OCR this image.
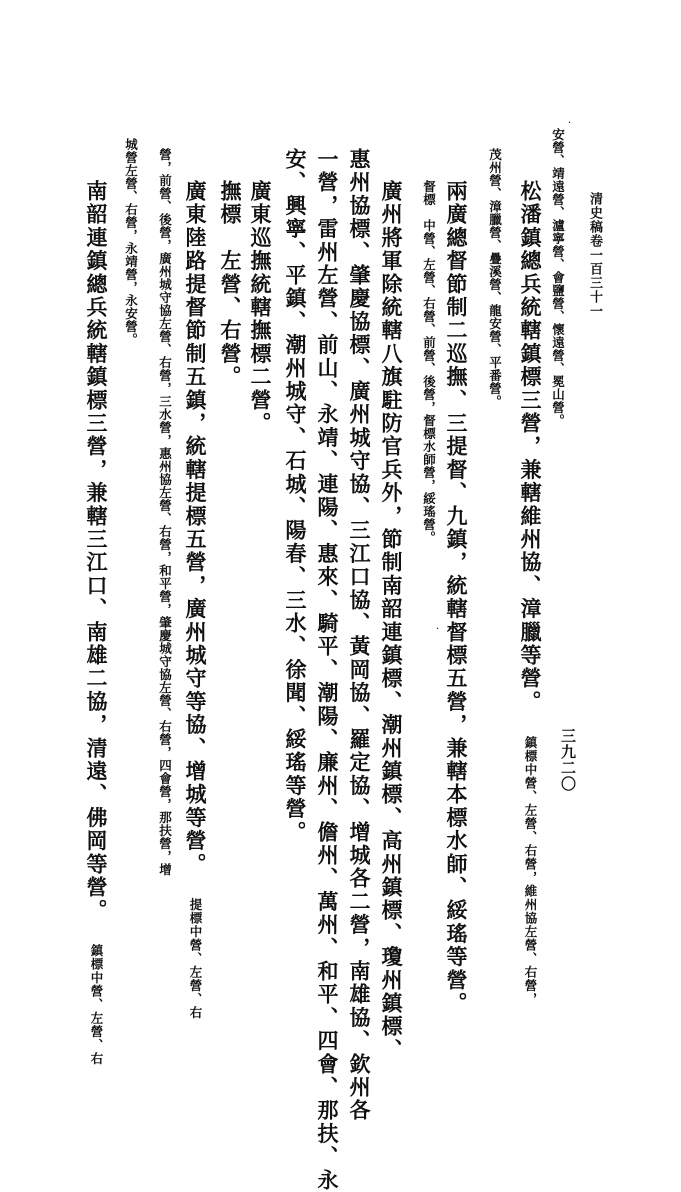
三九二〇
清史稿卷一百三十一
安營、靖遠營、瀘寧營、會鹽營、懷遠營、冕山營。
松潘鎮總兵統轄鎮標三營，兼轄維州協、漳臘等營。鎮標中營、左營、右營，維州協左營、右營，
茂州營、漳臘營、疊溪營、龍安營、平番營。
兩廣總督節制二巡撫、三提督、九鎮，統轄督標五營，兼轄本標水師、綏瑤等營。
督標　中營、左營、右營、前營、後營，督標水師營，綏瑤營。
廣州將軍除統轄八旗駐防官兵外，節制南韶連鎮標、潮州鎮標、高州鎮標、瓊州鎮標、
惠州協標、肇慶協標、廣州城守協、三江口協、黃岡協、羅定協、增城各二營，南雄協、欽州各
一營，雷州左營、前山、永靖、連陽、惠來、騎平、潮陽、廉州、儋州、萬州、和平、四會、那扶、永
安、興寧、平鎮、潮州城守、石城、陽春、三水、徐聞、綏瑤等營。
廣東巡撫統轄撫標二營。
撫標　左營、右營。
廣東陸路提督節制五鎮，統轄提標五營，廣州城守等協、增城等營。提標中營、左營、右
營，前營、後營，廣州城守協左營、右營，三水營，惠州協左營、右營，和平營，肇慶城守協左營、右營，四會營，那扶營，增
城營左營、右營，永靖營，永安營。
南韶連鎮總兵統轄鎮標三營，兼轄三江口、南雄二協，清遠、佛岡等營。鎮標中營、左營、右
·
·
